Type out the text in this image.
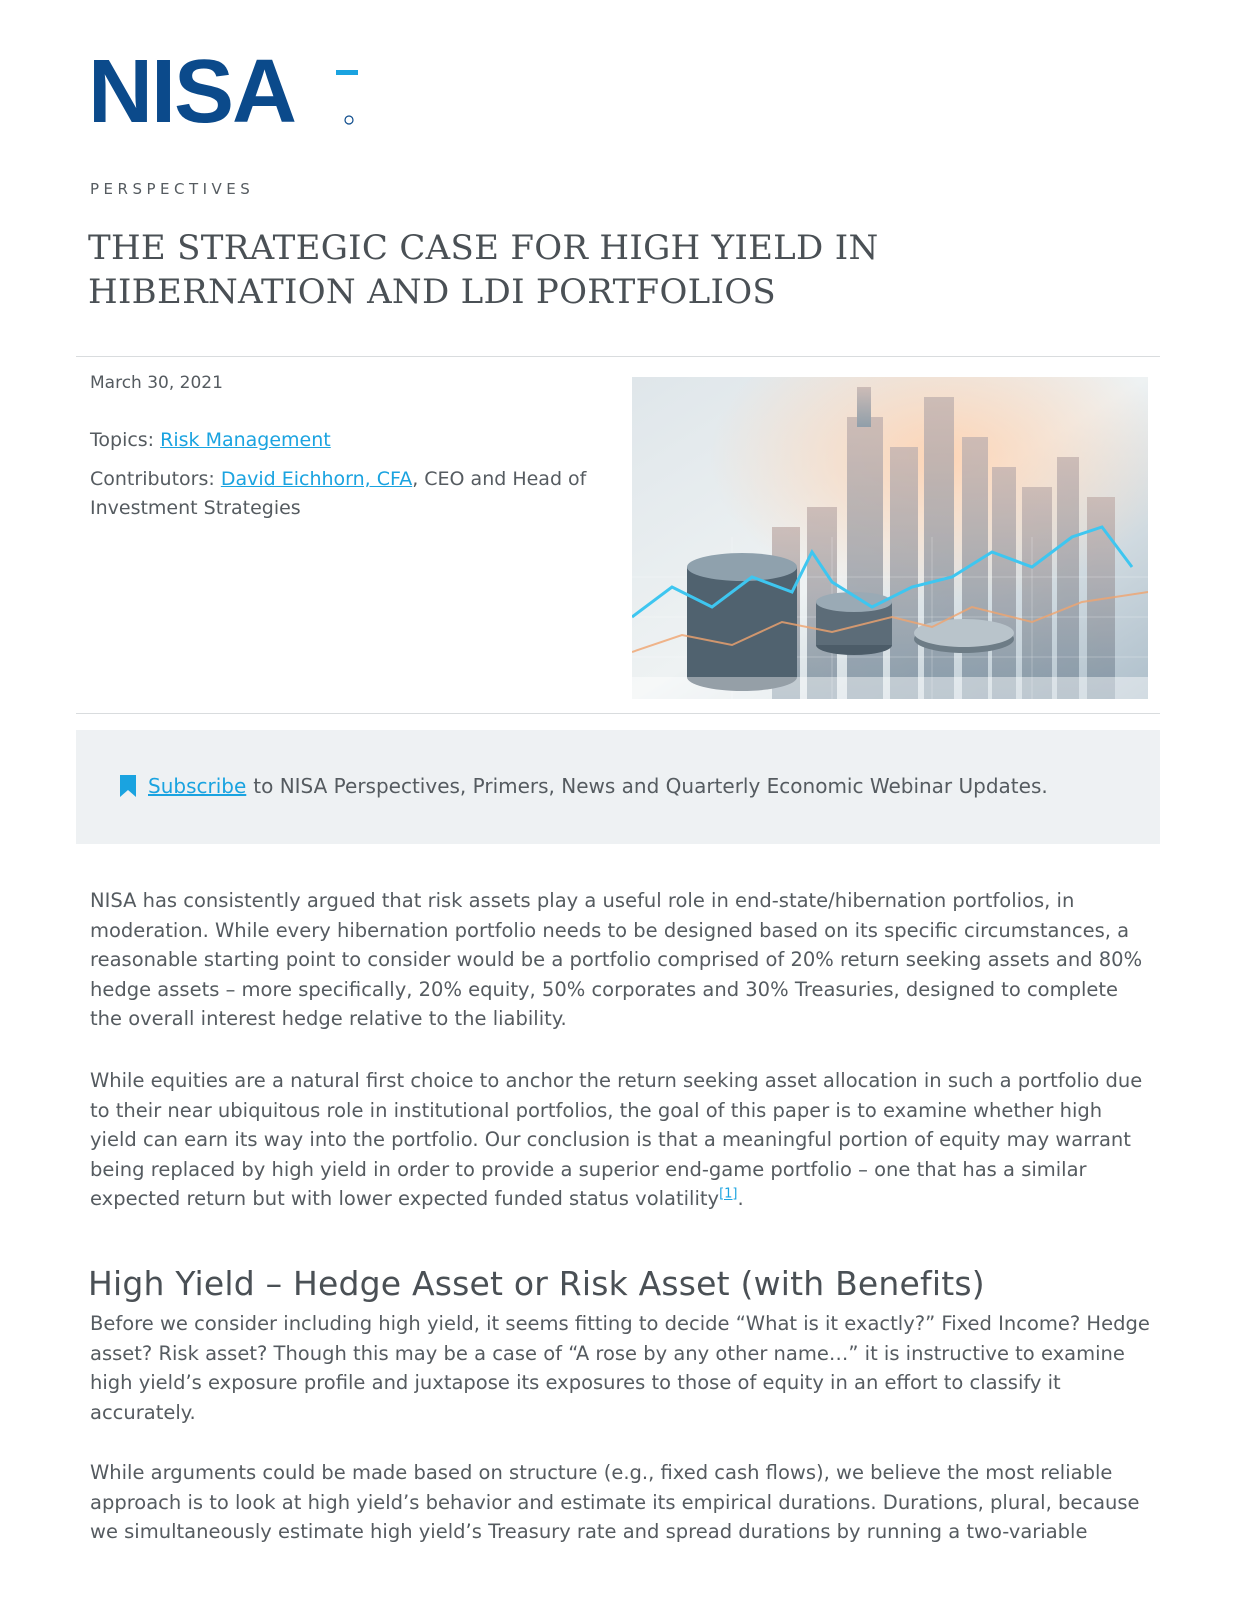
NISA
PERSPECTIVES
THE STRATEGIC CASE FOR HIGH YIELD IN HIBERNATION AND LDI PORTFOLIOS
March 30, 2021
Topics: Risk Management
Contributors: David Eichhorn, CFA, CEO and Head of Investment Strategies
Subscribe to NISA Perspectives, Primers, News and Quarterly Economic Webinar Updates.

NISA has consistently argued that risk assets play a useful role in end-state/hibernation portfolios, in moderation. While every hibernation portfolio needs to be designed based on its specific circumstances, a reasonable starting point to consider would be a portfolio comprised of 20% return seeking assets and 80% hedge assets – more specifically, 20% equity, 50% corporates and 30% Treasuries, designed to complete the overall interest hedge relative to the liability.

While equities are a natural first choice to anchor the return seeking asset allocation in such a portfolio due to their near ubiquitous role in institutional portfolios, the goal of this paper is to examine whether high yield can earn its way into the portfolio. Our conclusion is that a meaningful portion of equity may warrant being replaced by high yield in order to provide a superior end-game portfolio – one that has a similar expected return but with lower expected funded status volatility[1].

High Yield – Hedge Asset or Risk Asset (with Benefits)

Before we consider including high yield, it seems fitting to decide “What is it exactly?” Fixed Income? Hedge asset? Risk asset? Though this may be a case of “A rose by any other name…” it is instructive to examine high yield’s exposure profile and juxtapose its exposures to those of equity in an effort to classify it accurately.

While arguments could be made based on structure (e.g., fixed cash flows), we believe the most reliable approach is to look at high yield’s behavior and estimate its empirical durations. Durations, plural, because we simultaneously estimate high yield’s Treasury rate and spread durations by running a two-variable
